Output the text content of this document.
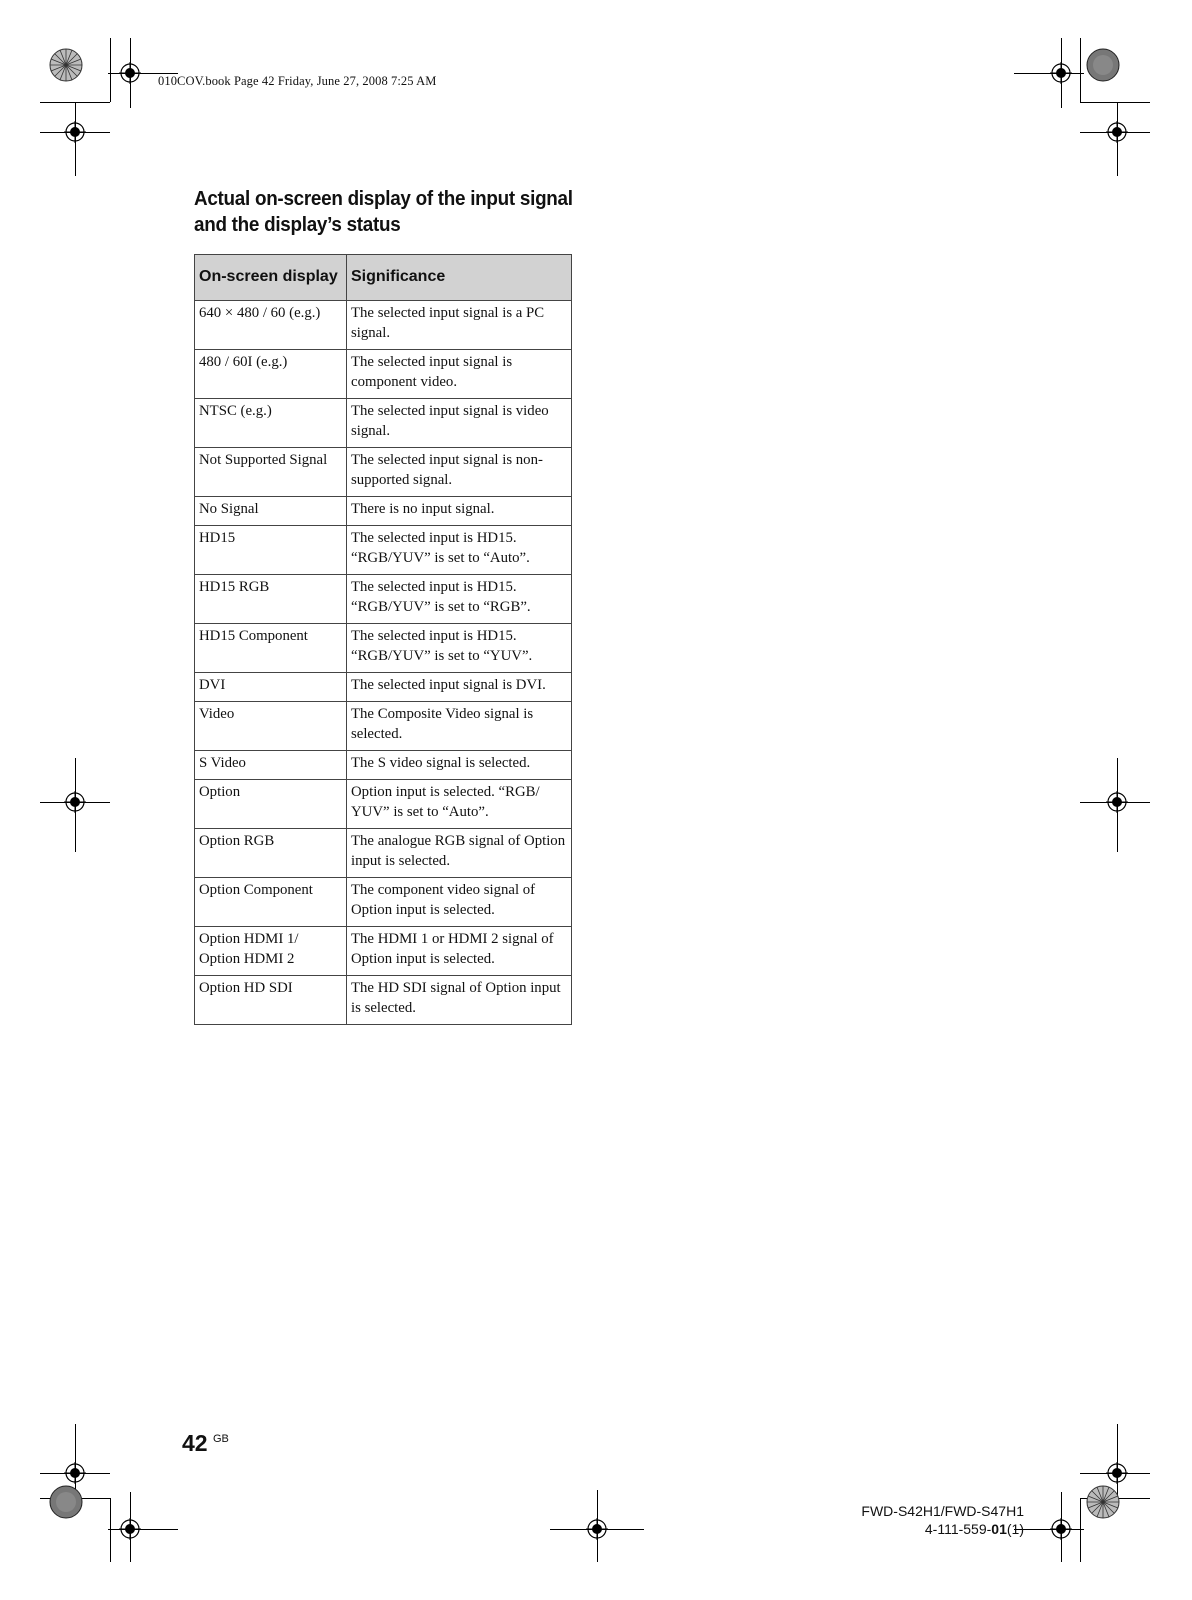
010COV.book Page 42 Friday, June 27, 2008 7:25 AM
Actual on-screen display of the input signal
and the display’s status
On-screen display	Significance
640 × 480 / 60 (e.g.)	The selected input signal is a PC signal.
480 / 60I (e.g.)	The selected input signal is component video.
NTSC (e.g.)	The selected input signal is video signal.
Not Supported Signal	The selected input signal is non-supported signal.
No Signal	There is no input signal.
HD15	The selected input is HD15. “RGB/YUV” is set to “Auto”.
HD15 RGB	The selected input is HD15. “RGB/YUV” is set to “RGB”.
HD15 Component	The selected input is HD15. “RGB/YUV” is set to “YUV”.
DVI	The selected input signal is DVI.
Video	The Composite Video signal is selected.
S Video	The S video signal is selected.
Option	Option input is selected. “RGB/ YUV” is set to “Auto”.
Option RGB	The analogue RGB signal of Option input is selected.
Option Component	The component video signal of Option input is selected.
Option HDMI 1/ Option HDMI 2	The HDMI 1 or HDMI 2 signal of Option input is selected.
Option HD SDI	The HD SDI signal of Option input is selected.
42 GB
FWD-S42H1/FWD-S47H1
4-111-559-01(1)
